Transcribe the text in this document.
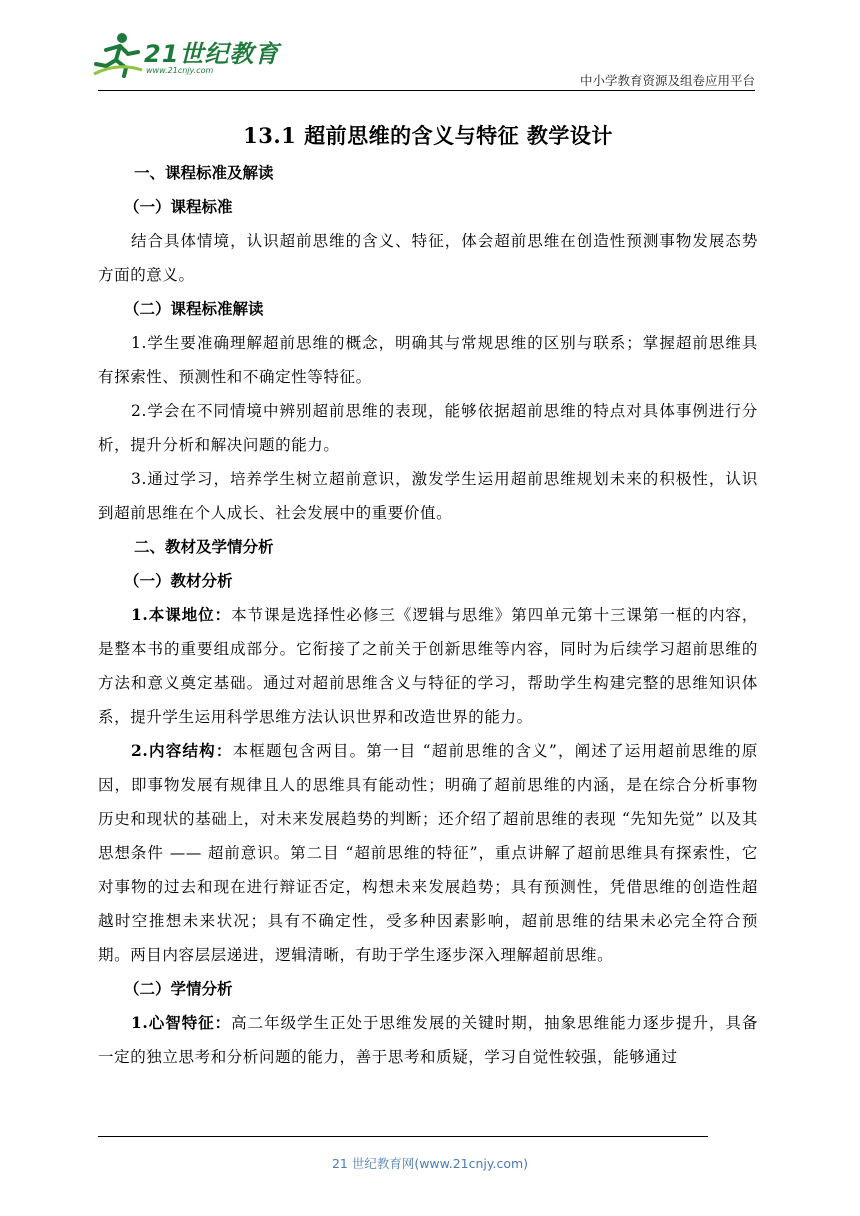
21世纪教育
www.21cnjy.com
中小学教育资源及组卷应用平台
13.1 超前思维的含义与特征 教学设计

一、课程标准及解读

（一）课程标准

结合具体情境，认识超前思维的含义、特征，体会超前思维在创造性预测事物发展态势方面的意义。

（二）课程标准解读

1.学生要准确理解超前思维的概念，明确其与常规思维的区别与联系；掌握超前思维具有探索性、预测性和不确定性等特征。

2.学会在不同情境中辨别超前思维的表现，能够依据超前思维的特点对具体事例进行分析，提升分析和解决问题的能力。

3.通过学习，培养学生树立超前意识，激发学生运用超前思维规划未来的积极性，认识到超前思维在个人成长、社会发展中的重要价值。

二、教材及学情分析

（一）教材分析

1.本课地位：本节课是选择性必修三《逻辑与思维》第四单元第十三课第一框的内容，是整本书的重要组成部分。它衔接了之前关于创新思维等内容，同时为后续学习超前思维的方法和意义奠定基础。通过对超前思维含义与特征的学习，帮助学生构建完整的思维知识体系，提升学生运用科学思维方法认识世界和改造世界的能力。

2.内容结构：本框题包含两目。第一目 “超前思维的含义”，阐述了运用超前思维的原因，即事物发展有规律且人的思维具有能动性；明确了超前思维的内涵，是在综合分析事物历史和现状的基础上，对未来发展趋势的判断；还介绍了超前思维的表现 “先知先觉” 以及其思想条件 —— 超前意识。第二目 “超前思维的特征”，重点讲解了超前思维具有探索性，它对事物的过去和现在进行辩证否定，构想未来发展趋势；具有预测性，凭借思维的创造性超越时空推想未来状况；具有不确定性，受多种因素影响，超前思维的结果未必完全符合预期。两目内容层层递进，逻辑清晰，有助于学生逐步深入理解超前思维。

（二）学情分析

1.心智特征：高二年级学生正处于思维发展的关键时期，抽象思维能力逐步提升，具备一定的独立思考和分析问题的能力，善于思考和质疑，学习自觉性较强，能够通过

21 世纪教育网(www.21cnjy.com)
